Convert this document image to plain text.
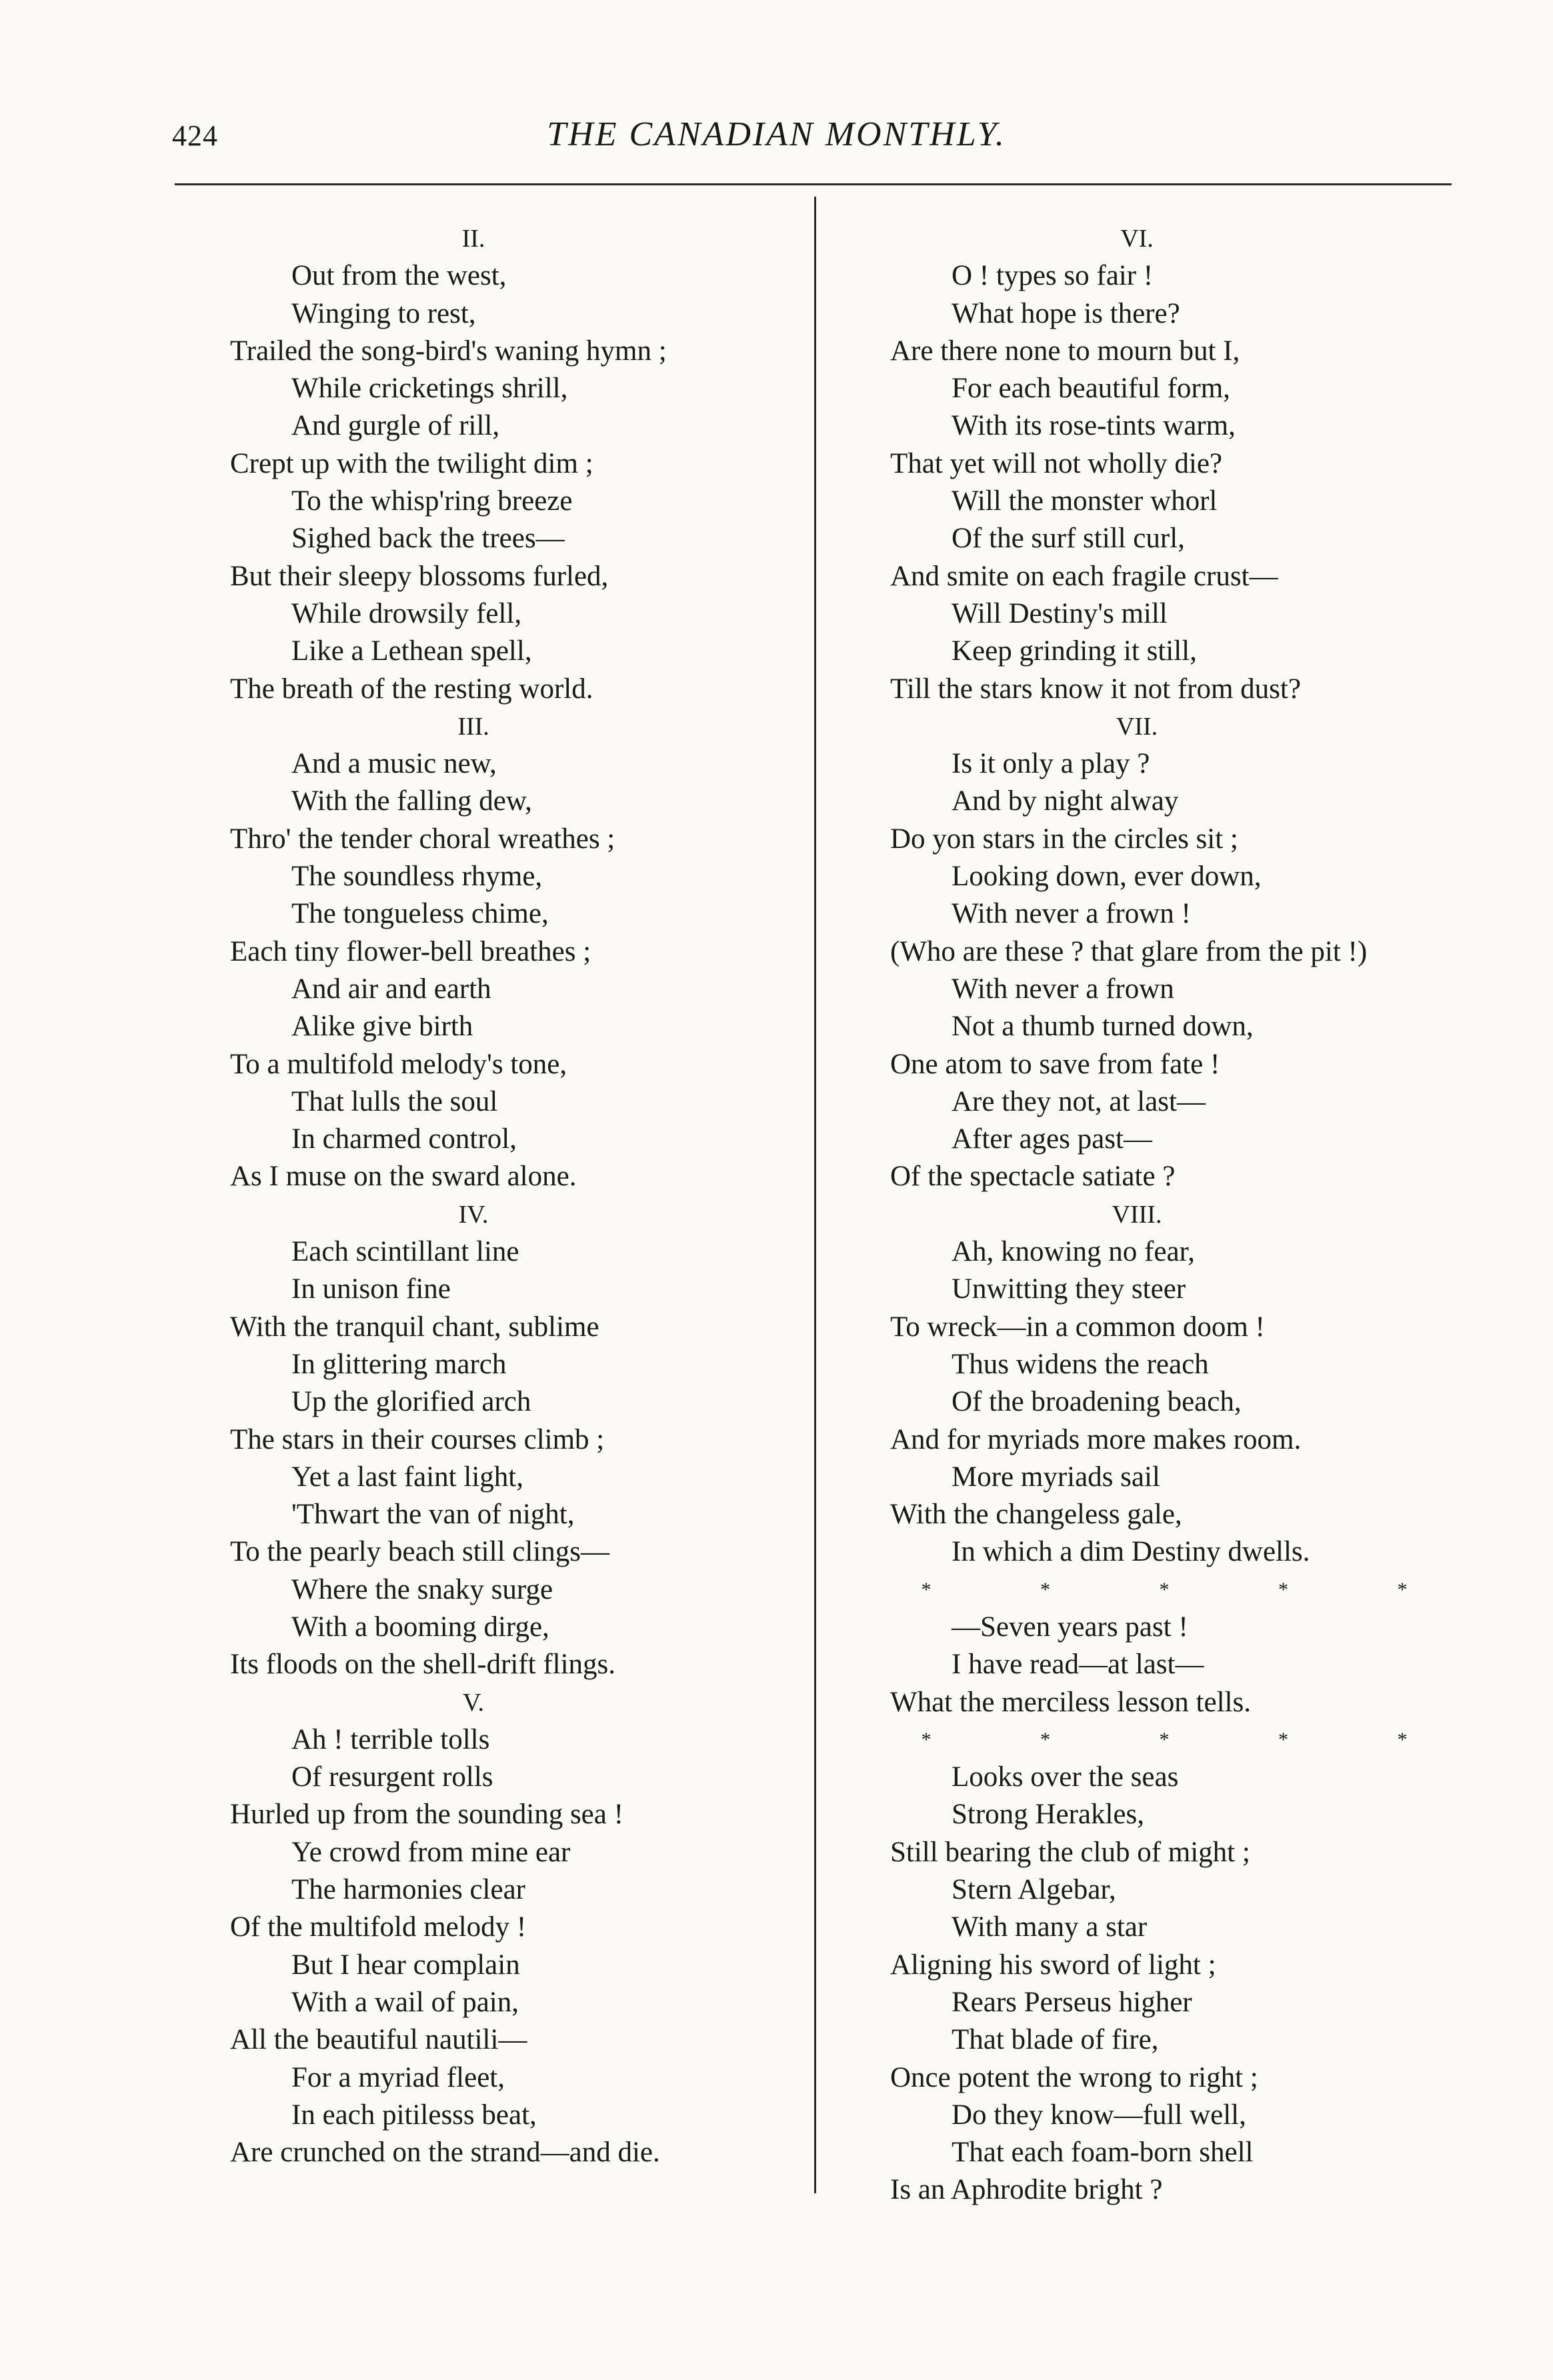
424	THE CANADIAN MONTHLY.
II.
Out from the west,
Winging to rest,
Trailed the song-bird's waning hymn ;
While cricketings shrill,
And gurgle of rill,
Crept up with the twilight dim ;
To the whisp'ring breeze
Sighed back the trees—
But their sleepy blossoms furled,
While drowsily fell,
Like a Lethean spell,
The breath of the resting world.
III.
And a music new,
With the falling dew,
Thro' the tender choral wreathes ;
The soundless rhyme,
The tongueless chime,
Each tiny flower-bell breathes ;
And air and earth
Alike give birth
To a multifold melody's tone,
That lulls the soul
In charmed control,
As I muse on the sward alone.
IV.
Each scintillant line
In unison fine
With the tranquil chant, sublime
In glittering march
Up the glorified arch
The stars in their courses climb ;
Yet a last faint light,
'Thwart the van of night,
To the pearly beach still clings—
Where the snaky surge
With a booming dirge,
Its floods on the shell-drift flings.
V.
Ah ! terrible tolls
Of resurgent rolls
Hurled up from the sounding sea !
Ye crowd from mine ear
The harmonies clear
Of the multifold melody !
But I hear complain
With a wail of pain,
All the beautiful nautili—
For a myriad fleet,
In each pitilesss beat,
Are crunched on the strand—and die.
VI.
O ! types so fair !
What hope is there?
Are there none to mourn but I,
For each beautiful form,
With its rose-tints warm,
That yet will not wholly die?
Will the monster whorl
Of the surf still curl,
And smite on each fragile crust—
Will Destiny's mill
Keep grinding it still,
Till the stars know it not from dust?
VII.
Is it only a play ?
And by night alway
Do yon stars in the circles sit ;
Looking down, ever down,
With never a frown !
(Who are these ? that glare from the pit !)
With never a frown
Not a thumb turned down,
One atom to save from fate !
Are they not, at last—
After ages past—
Of the spectacle satiate ?
VIII.
Ah, knowing no fear,
Unwitting they steer
To wreck—in a common doom !
Thus widens the reach
Of the broadening beach,
And for myriads more makes room.
More myriads sail
With the changeless gale,
In which a dim Destiny dwells.
* * * * *
—Seven years past !
I have read—at last—
What the merciless lesson tells.
* * * * *
Looks over the seas
Strong Herakles,
Still bearing the club of might ;
Stern Algebar,
With many a star
Aligning his sword of light ;
Rears Perseus higher
That blade of fire,
Once potent the wrong to right ;
Do they know—full well,
That each foam-born shell
Is an Aphrodite bright ?
